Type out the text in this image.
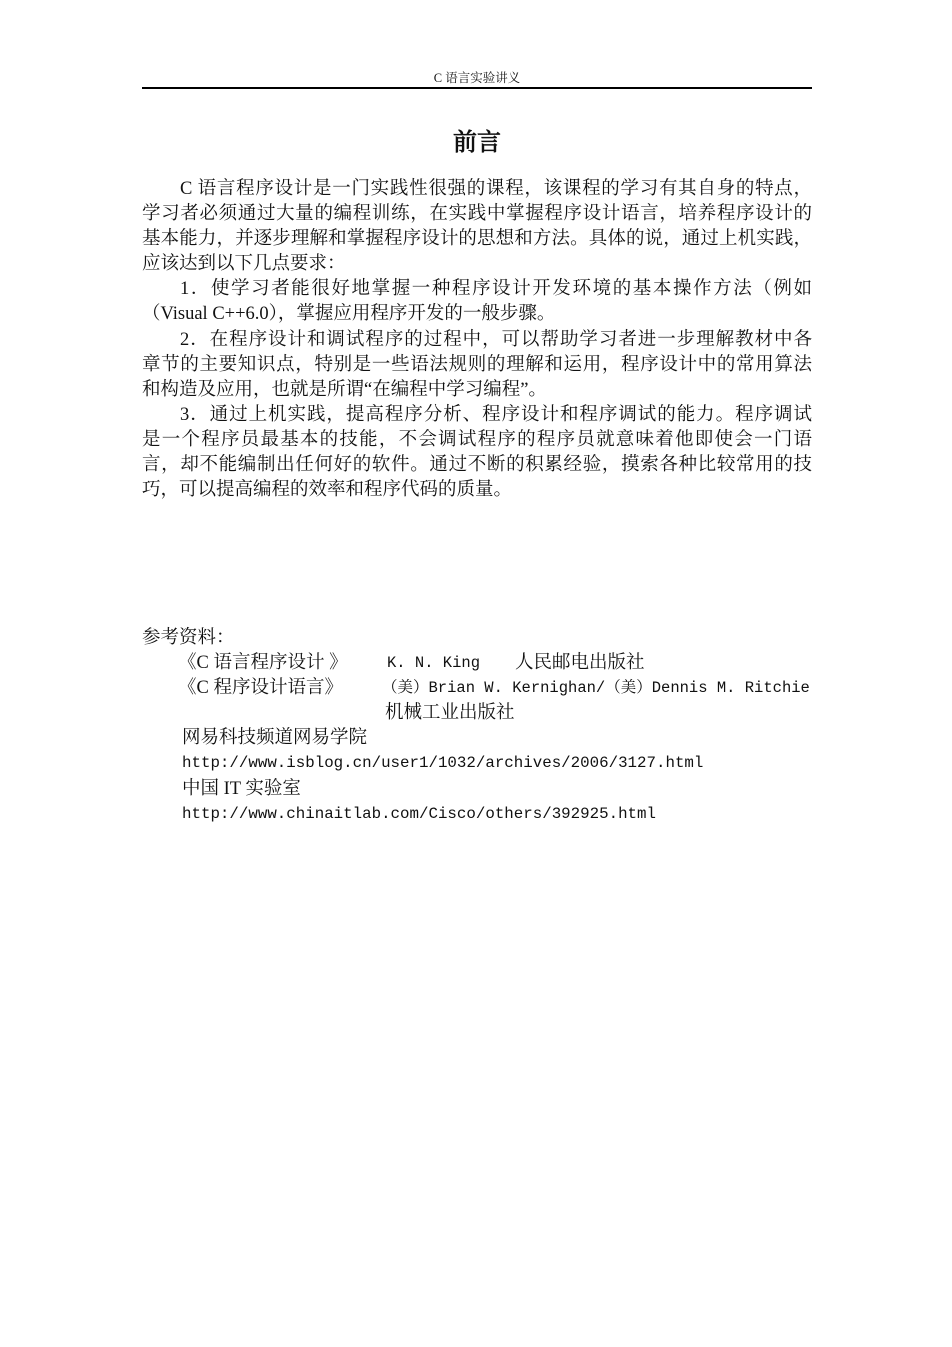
C 语言实验讲义
前言
C 语言程序设计是一门实践性很强的课程，该课程的学习有其自身的特点，
学习者必须通过大量的编程训练，在实践中掌握程序设计语言，培养程序设计的
基本能力，并逐步理解和掌握程序设计的思想和方法。具体的说，通过上机实践，
应该达到以下几点要求：
1．使学习者能很好地掌握一种程序设计开发环境的基本操作方法（例如
（Visual C++6.0），掌握应用程序开发的一般步骤。
2．在程序设计和调试程序的过程中，可以帮助学习者进一步理解教材中各
章节的主要知识点，特别是一些语法规则的理解和运用，程序设计中的常用算法
和构造及应用，也就是所谓“在编程中学习编程”。
3．通过上机实践，提高程序分析、程序设计和程序调试的能力。程序调试
是一个程序员最基本的技能，不会调试程序的程序员就意味着他即使会一门语
言，却不能编制出任何好的软件。通过不断的积累经验，摸索各种比较常用的技
巧，可以提高编程的效率和程序代码的质量。
参考资料：
《C 语言程序设计 》	K. N. King 人民邮电出版社
《C 程序设计语言》	（美）Brian W. Kernighan/（美）Dennis M. Ritchie
机械工业出版社
网易科技频道网易学院
http://www.isblog.cn/user1/1032/archives/2006/3127.html
中国 IT 实验室
http://www.chinaitlab.com/Cisco/others/392925.html
